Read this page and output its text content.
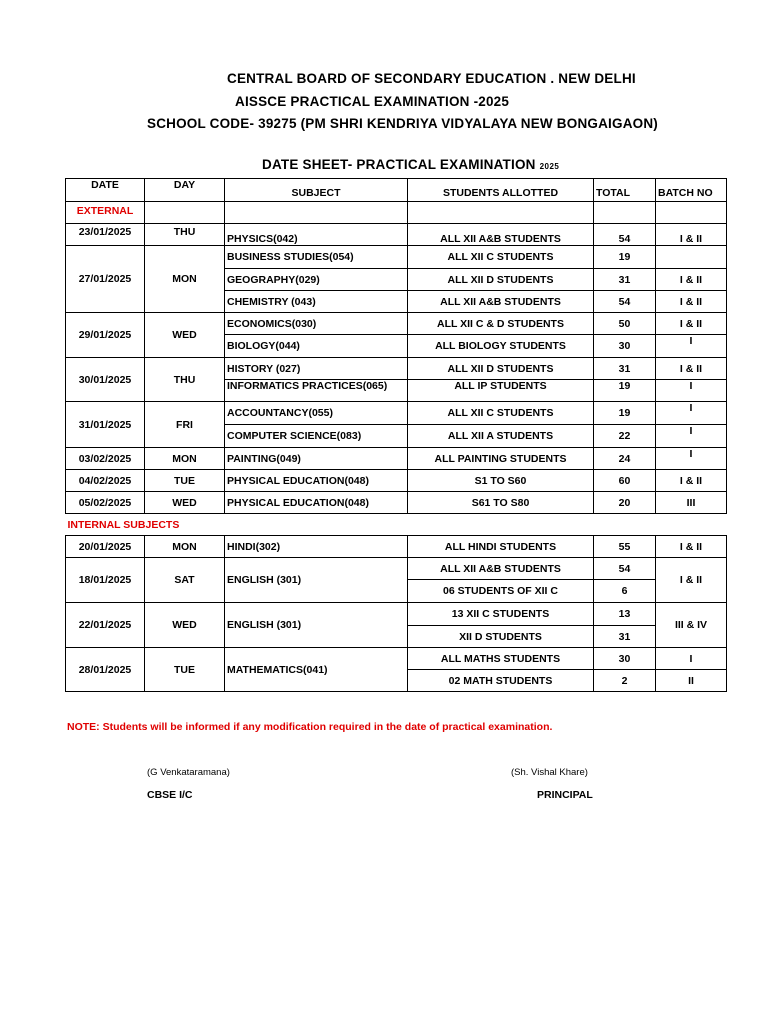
CENTRAL BOARD OF SECONDARY EDUCATION . NEW DELHI
AISSCE PRACTICAL EXAMINATION -2025
SCHOOL CODE- 39275 (PM SHRI KENDRIYA VIDYALAYA NEW BONGAIGAON)
DATE SHEET- PRACTICAL EXAMINATION 2025
DATE	DAY	SUBJECT	STUDENTS ALLOTTED	TOTAL	BATCH NO
EXTERNAL					
23/01/2025	THU	PHYSICS(042)	ALL XII A&B STUDENTS	54	I & II
27/01/2025	MON	BUSINESS STUDIES(054)	ALL XII C STUDENTS	19	
		GEOGRAPHY(029)	ALL XII D STUDENTS	31	I & II
		CHEMISTRY (043)	ALL XII A&B STUDENTS	54	I & II
29/01/2025	WED	ECONOMICS(030)	ALL XII C & D STUDENTS	50	I & II
		BIOLOGY(044)	ALL BIOLOGY STUDENTS	30	I
30/01/2025	THU	HISTORY (027)	ALL XII D STUDENTS	31	I & II
		INFORMATICS PRACTICES(065)	ALL IP STUDENTS	19	I
31/01/2025	FRI	ACCOUNTANCY(055)	ALL XII C STUDENTS	19	I
		COMPUTER SCIENCE(083)	ALL XII A STUDENTS	22	I
03/02/2025	MON	PAINTING(049)	ALL PAINTING STUDENTS	24	I
04/02/2025	TUE	PHYSICAL EDUCATION(048)	S1 TO S60	60	I & II
05/02/2025	WED	PHYSICAL EDUCATION(048)	S61 TO S80	20	III
INTERNAL SUBJECTS					
20/01/2025	MON	HINDI(302)	ALL HINDI STUDENTS	55	I & II
18/01/2025	SAT	ENGLISH (301)	ALL XII A&B STUDENTS	54	I & II
			06 STUDENTS OF XII C	6	
22/01/2025	WED	ENGLISH (301)	13 XII C STUDENTS	13	III & IV
			XII D STUDENTS	31	
28/01/2025	TUE	MATHEMATICS(041)	ALL MATHS STUDENTS	30	I
			02 MATH STUDENTS	2	II
NOTE: Students will be informed if any modification required in the date of practical examination.
(G Venkataramana)
CBSE I/C
(Sh. Vishal Khare)
PRINCIPAL
